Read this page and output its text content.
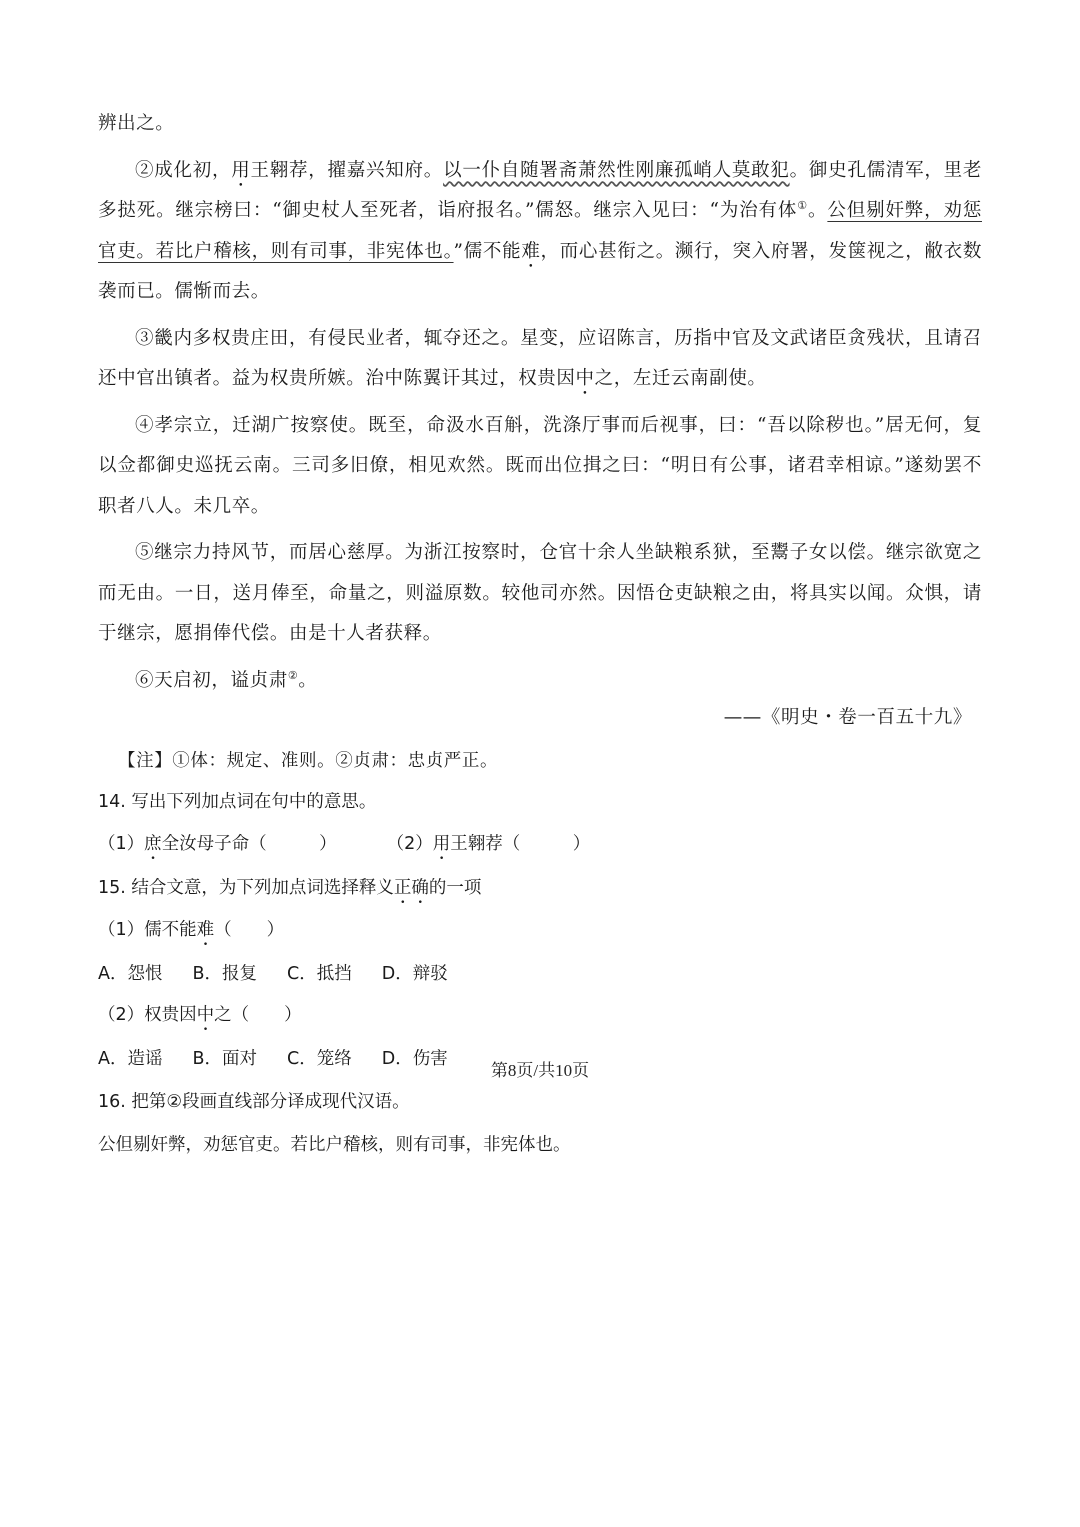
辨出之。

②成化初，用王翱荐，擢嘉兴知府。以一仆自随署斋萧然性刚廉孤峭人莫敢犯。御史孔儒清军，里老多挞死。继宗榜曰：“御史杖人至死者，诣府报名。”儒怒。继宗入见曰：“为治有体①。公但剔奸弊，劝惩官吏。若比户稽核，则有司事，非宪体也。”儒不能难，而心甚衔之。濒行，突入府署，发箧视之，敝衣数袭而已。儒惭而去。

③畿内多权贵庄田，有侵民业者，辄夺还之。星变，应诏陈言，历指中官及文武诸臣贪残状，且请召还中官出镇者。益为权贵所嫉。治中陈翼讦其过，权贵因中之，左迁云南副使。

④孝宗立，迁湖广按察使。既至，命汲水百斛，洗涤厅事而后视事，曰：“吾以除秽也。”居无何，复以佥都御史巡抚云南。三司多旧僚，相见欢然。既而出位揖之曰：“明日有公事，诸君幸相谅。”遂劾罢不职者八人。未几卒。

⑤继宗力持风节，而居心慈厚。为浙江按察时，仓官十余人坐缺粮系狱，至鬻子女以偿。继宗欲宽之而无由。一日，送月俸至，命量之，则溢原数。较他司亦然。因悟仓吏缺粮之由，将具实以闻。众惧，请于继宗，愿捐俸代偿。由是十人者获释。

⑥天启初，谥贞肃②。

——《明史・卷一百五十九》
【注】①体：规定、准则。②贞肃：忠贞严正。
14. 写出下列加点词在句中的意思。
（1）庶全汝母子命（　　　）	（2）用王翱荐（　　　）
15. 结合文意，为下列加点词选择释义正确的一项
（1）儒不能难（　　）
A．怨恨 B．报复 C．抵挡 D．辩驳
（2）权贵因中之（　　）
A．造谣 B．面对 C．笼络 D．伤害
16. 把第②段画直线部分译成现代汉语。
公但剔奸弊，劝惩官吏。若比户稽核，则有司事，非宪体也。
第8页/共10页
